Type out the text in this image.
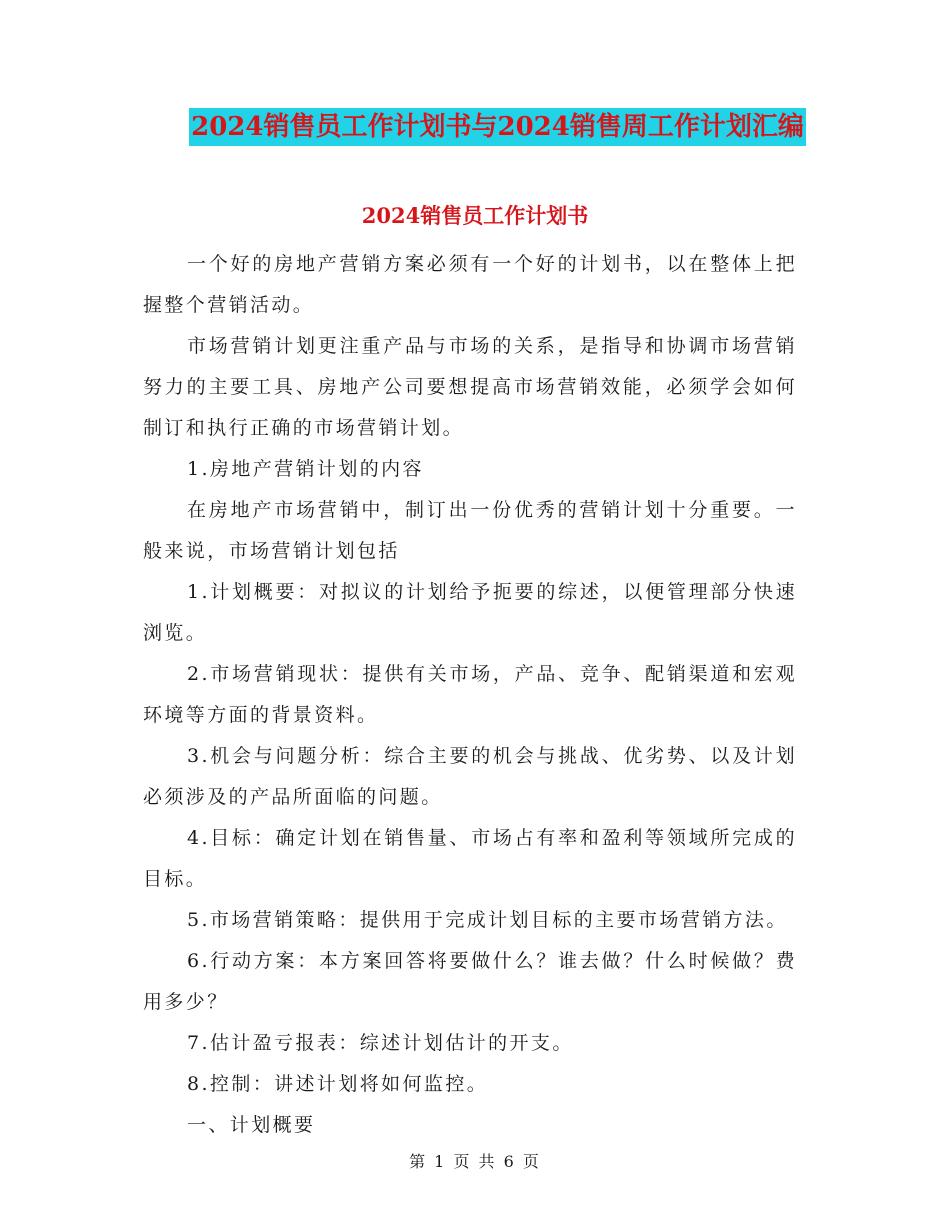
2024销售员工作计划书与2024销售周工作计划汇编
2024销售员工作计划书

一个好的房地产营销方案必须有一个好的计划书，以在整体上把握整个营销活动。

市场营销计划更注重产品与市场的关系，是指导和协调市场营销努力的主要工具、房地产公司要想提高市场营销效能，必须学会如何制订和执行正确的市场营销计划。

1.房地产营销计划的内容

在房地产市场营销中，制订出一份优秀的营销计划十分重要。一般来说，市场营销计划包括

1.计划概要：对拟议的计划给予扼要的综述，以便管理部分快速浏览。

2.市场营销现状：提供有关市场，产品、竞争、配销渠道和宏观环境等方面的背景资料。

3.机会与问题分析：综合主要的机会与挑战、优劣势、以及计划必须涉及的产品所面临的问题。

4.目标：确定计划在销售量、市场占有率和盈利等领域所完成的目标。

5.市场营销策略：提供用于完成计划目标的主要市场营销方法。

6.行动方案：本方案回答将要做什么？谁去做？什么时候做？费用多少？

7.估计盈亏报表：综述计划估计的开支。

8.控制：讲述计划将如何监控。

一、计划概要

第 1 页 共 6 页
